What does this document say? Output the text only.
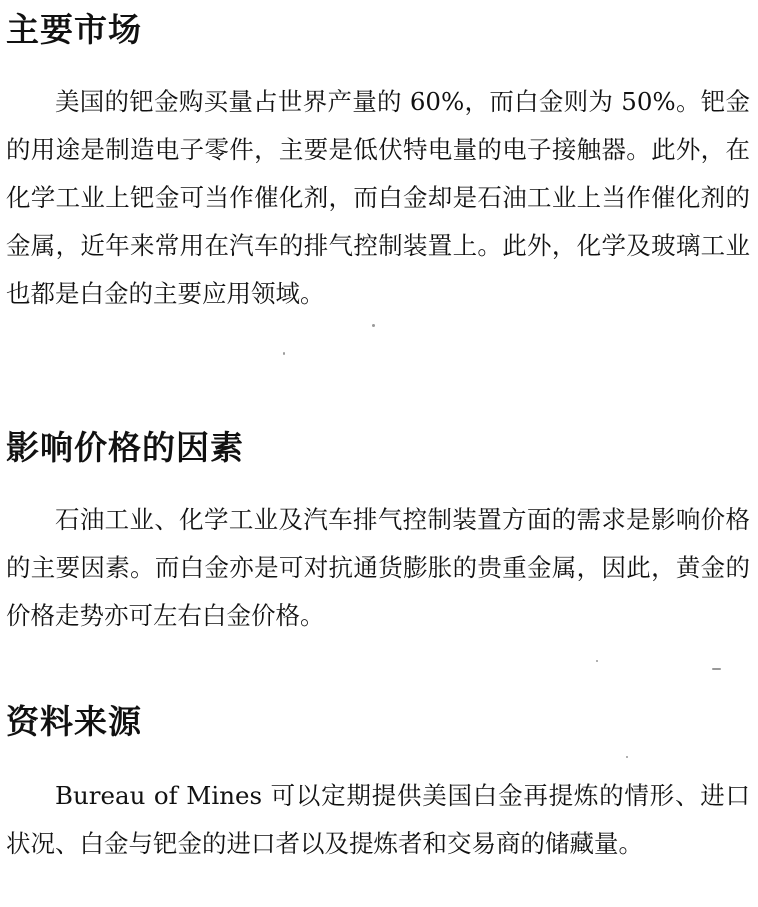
主要市场

美国的钯金购买量占世界产量的 60%，而白金则为 50%。钯金的用途是制造电子零件，主要是低伏特电量的电子接触器。此外，在化学工业上钯金可当作催化剂，而白金却是石油工业上当作催化剂的金属，近年来常用在汽车的排气控制装置上。此外，化学及玻璃工业也都是白金的主要应用领域。

影响价格的因素

石油工业、化学工业及汽车排气控制装置方面的需求是影响价格的主要因素。而白金亦是可对抗通货膨胀的贵重金属，因此，黄金的价格走势亦可左右白金价格。

资料来源

Bureau of Mines 可以定期提供美国白金再提炼的情形、进口状况、白金与钯金的进口者以及提炼者和交易商的储藏量。
